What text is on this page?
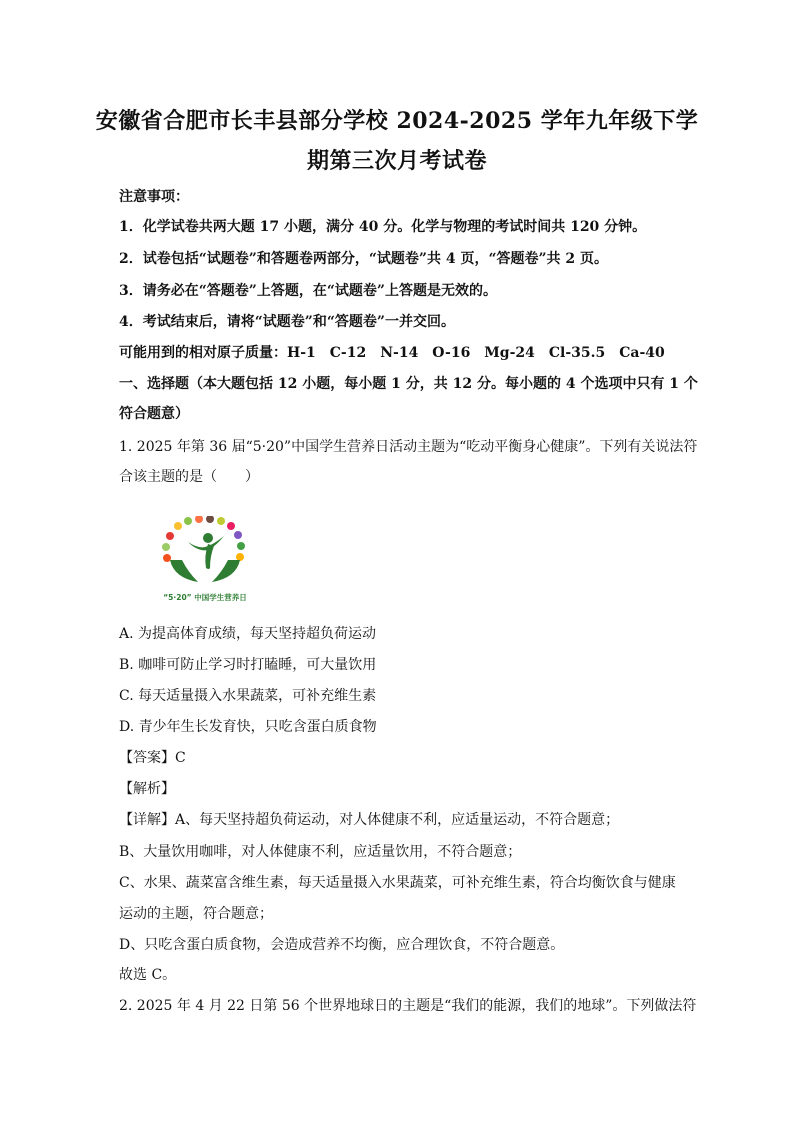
安徽省合肥市长丰县部分学校 2024-2025 学年九年级下学
期第三次月考试卷
注意事项：
1．化学试卷共两大题 17 小题，满分 40 分。化学与物理的考试时间共 120 分钟。
2．试卷包括“试题卷”和答题卷两部分，“试题卷”共 4 页，“答题卷”共 2 页。
3．请务必在“答题卷”上答题，在“试题卷”上答题是无效的。
4．考试结束后，请将“试题卷”和“答题卷”一并交回。
可能用到的相对原子质量：H-1　C-12　N-14　O-16　Mg-24　Cl-35.5　Ca-40
一、选择题（本大题包括 12 小题，每小题 1 分，共 12 分。每小题的 4 个选项中只有 1 个
符合题意）
1. 2025 年第 36 届“5·20”中国学生营养日活动主题为“吃动平衡身心健康”。下列有关说法符
合该主题的是（　　）
“5·20” 中国学生营养日
A. 为提高体育成绩，每天坚持超负荷运动
B. 咖啡可防止学习时打瞌睡，可大量饮用
C. 每天适量摄入水果蔬菜，可补充维生素
D. 青少年生长发育快，只吃含蛋白质食物
【答案】C
【解析】
【详解】A、每天坚持超负荷运动，对人体健康不利，应适量运动，不符合题意；
B、大量饮用咖啡，对人体健康不利，应适量饮用，不符合题意；
C、水果、蔬菜富含维生素，每天适量摄入水果蔬菜，可补充维生素，符合均衡饮食与健康
运动的主题，符合题意；
D、只吃含蛋白质食物，会造成营养不均衡，应合理饮食，不符合题意。
故选 C。
2. 2025 年 4 月 22 日第 56 个世界地球日的主题是“我们的能源，我们的地球”。下列做法符
